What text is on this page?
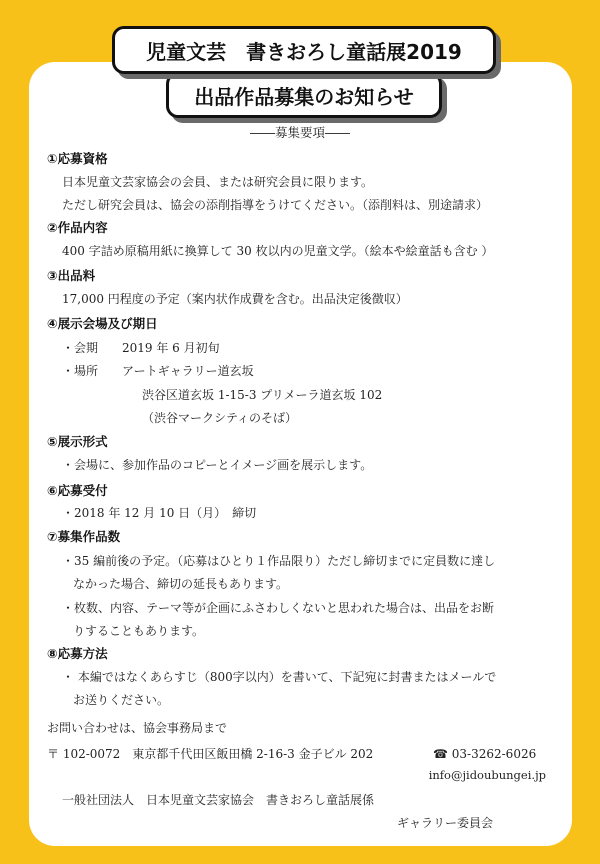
児童文芸　書きおろし童話展2019
出品作品募集のお知らせ
――募集要項――
①応募資格
日本児童文芸家協会の会員、または研究会員に限ります。
ただし研究会員は、協会の添削指導をうけてください。（添削料は、別途請求）
②作品内容
400 字詰め原稿用紙に換算して 30 枚以内の児童文学。（絵本や絵童話も含む ）
③出品料
17,000 円程度の予定（案内状作成費を含む。出品決定後徴収）
④展示会場及び期日
・会期　　2019 年 6 月初旬
・場所　　アートギャラリー道玄坂
渋谷区道玄坂 1-15-3 プリメーラ道玄坂 102
（渋谷マークシティのそば）
⑤展示形式
・会場に、参加作品のコピーとイメージ画を展示します。
⑥応募受付
・2018 年 12 月 10 日（月）　締切
⑦募集作品数
・35 編前後の予定。（応募はひとり１作品限り）ただし締切までに定員数に達し
なかった場合、締切の延長もあります。
・枚数、内容、テーマ等が企画にふさわしくないと思われた場合は、出品をお断
りすることもあります。
⑧応募方法
・ 本編ではなくあらすじ（800字以内）を書いて、下記宛に封書またはメールで
お送りください。
お問い合わせは、協会事務局まで
〒 102-0072　東京都千代田区飯田橋 2-16-3 金子ビル 202	☎ 03-3262-6026
info@jidoubungei.jp
一般社団法人　日本児童文芸家協会　書きおろし童話展係
ギャラリー委員会
